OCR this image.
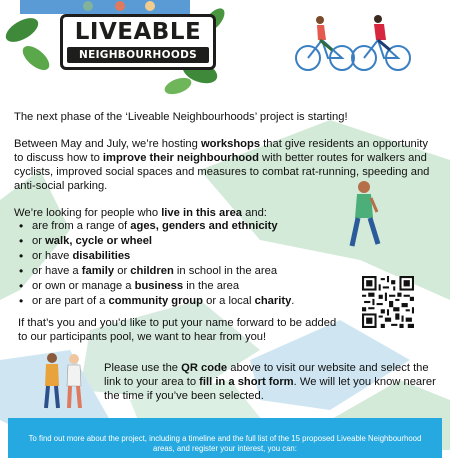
LIVEABLE
NEIGHBOURHOODS

The next phase of the ‘Liveable Neighbourhoods’ project is starting!

Between May and July, we’re hosting workshops that give residents an opportunity to discuss how to improve their neighbourhood with better routes for walkers and cyclists, improved social spaces and measures to combat rat-running, speeding and anti-social parking.

We’re looking for people who live in this area and:

• are from a range of ages, genders and ethnicity
• or walk, cycle or wheel
• or have disabilities
• or have a family or children in school in the area
• or own or manage a business in the area
• or are part of a community group or a local charity.

If that’s you and you’d like to put your name forward to be added to our participants pool, we want to hear from you!

Please use the QR code above to visit our website and select the link to your area to fill in a short form. We will let you know nearer the time if you’ve been selected.

To find out more about the project, including a timeline and the full list of the 15 proposed Liveable Neighbourhood areas, and register your interest, you can:
